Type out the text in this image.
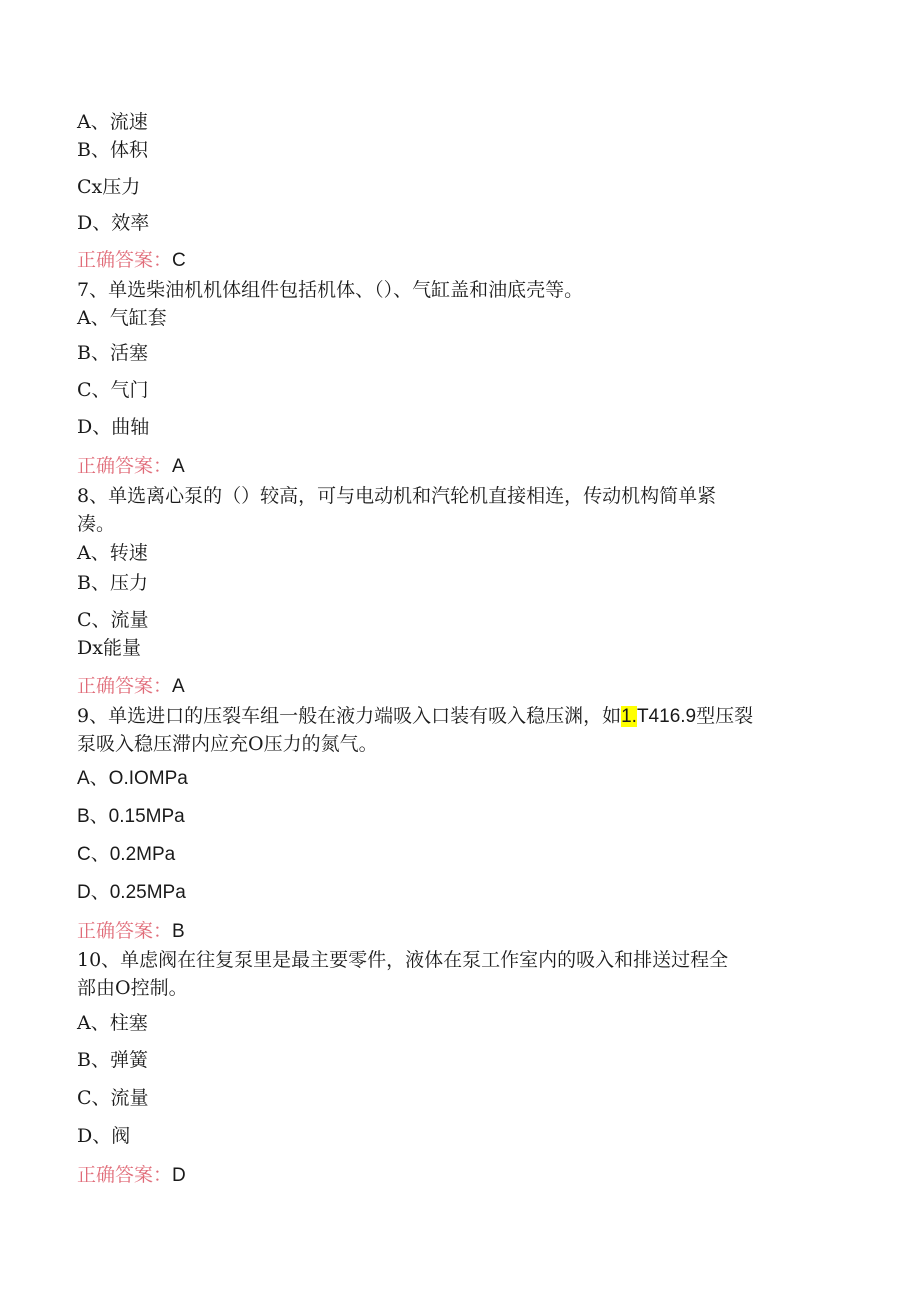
A、流速
B、体积
Cx压力
D、效率
正确答案：C
7、单选柴油机机体组件包括机体、（）、气缸盖和油底壳等。
A、气缸套
B、活塞
C、气门
D、曲轴
正确答案：A
8、单选离心泵的（）较高，可与电动机和汽轮机直接相连，传动机构简单紧
凑。
A、转速
B、压力
C、流量
Dx能量
正确答案：A
9、单选进口的压裂车组一般在液力端吸入口装有吸入稳压渊，如1.T416.9型压裂
泵吸入稳压滞内应充O压力的氮气。
A、O.IOMPa
B、0.15MPa
C、0.2MPa
D、0.25MPa
正确答案：B
10、单虑阀在往复泵里是最主要零件，液体在泵工作室内的吸入和排送过程全
部由O控制。
A、柱塞
B、弹簧
C、流量
D、阀
正确答案：D
